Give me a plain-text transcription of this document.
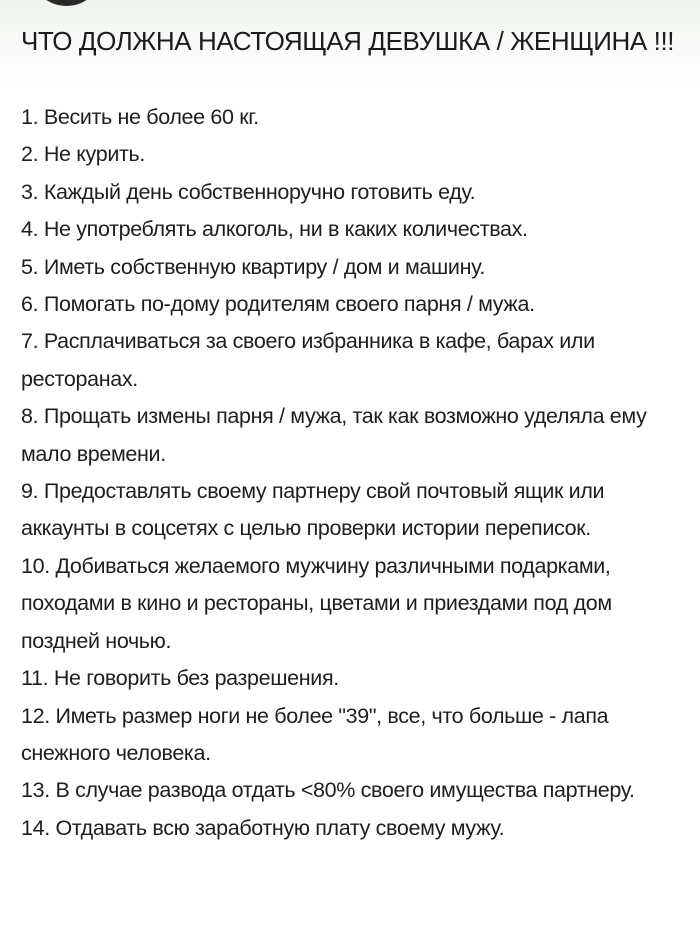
ЧТО ДОЛЖНА НАСТОЯЩАЯ ДЕВУШКА / ЖЕНЩИНА !!!
1. Весить не более 60 кг.
2. Не курить.
3. Каждый день собственноручно готовить еду.
4. Не употреблять алкоголь, ни в каких количествах.
5. Иметь собственную квартиру / дом и машину.
6. Помогать по-дому родителям своего парня / мужа.
7. Расплачиваться за своего избранника в кафе, барах или ресторанах.
8. Прощать измены парня / мужа, так как возможно уделяла ему мало времени.
9. Предоставлять своему партнеру свой почтовый ящик или аккаунты в соцсетях с целью проверки истории переписок.
10. Добиваться желаемого мужчину различными подарками, походами в кино и рестораны, цветами и приездами под дом поздней ночью.
11. Не говорить без разрешения.
12. Иметь размер ноги не более "39", все, что больше - лапа снежного человека.
13. В случае развода отдать <80% своего имущества партнеру.
14. Отдавать всю заработную плату своему мужу.
